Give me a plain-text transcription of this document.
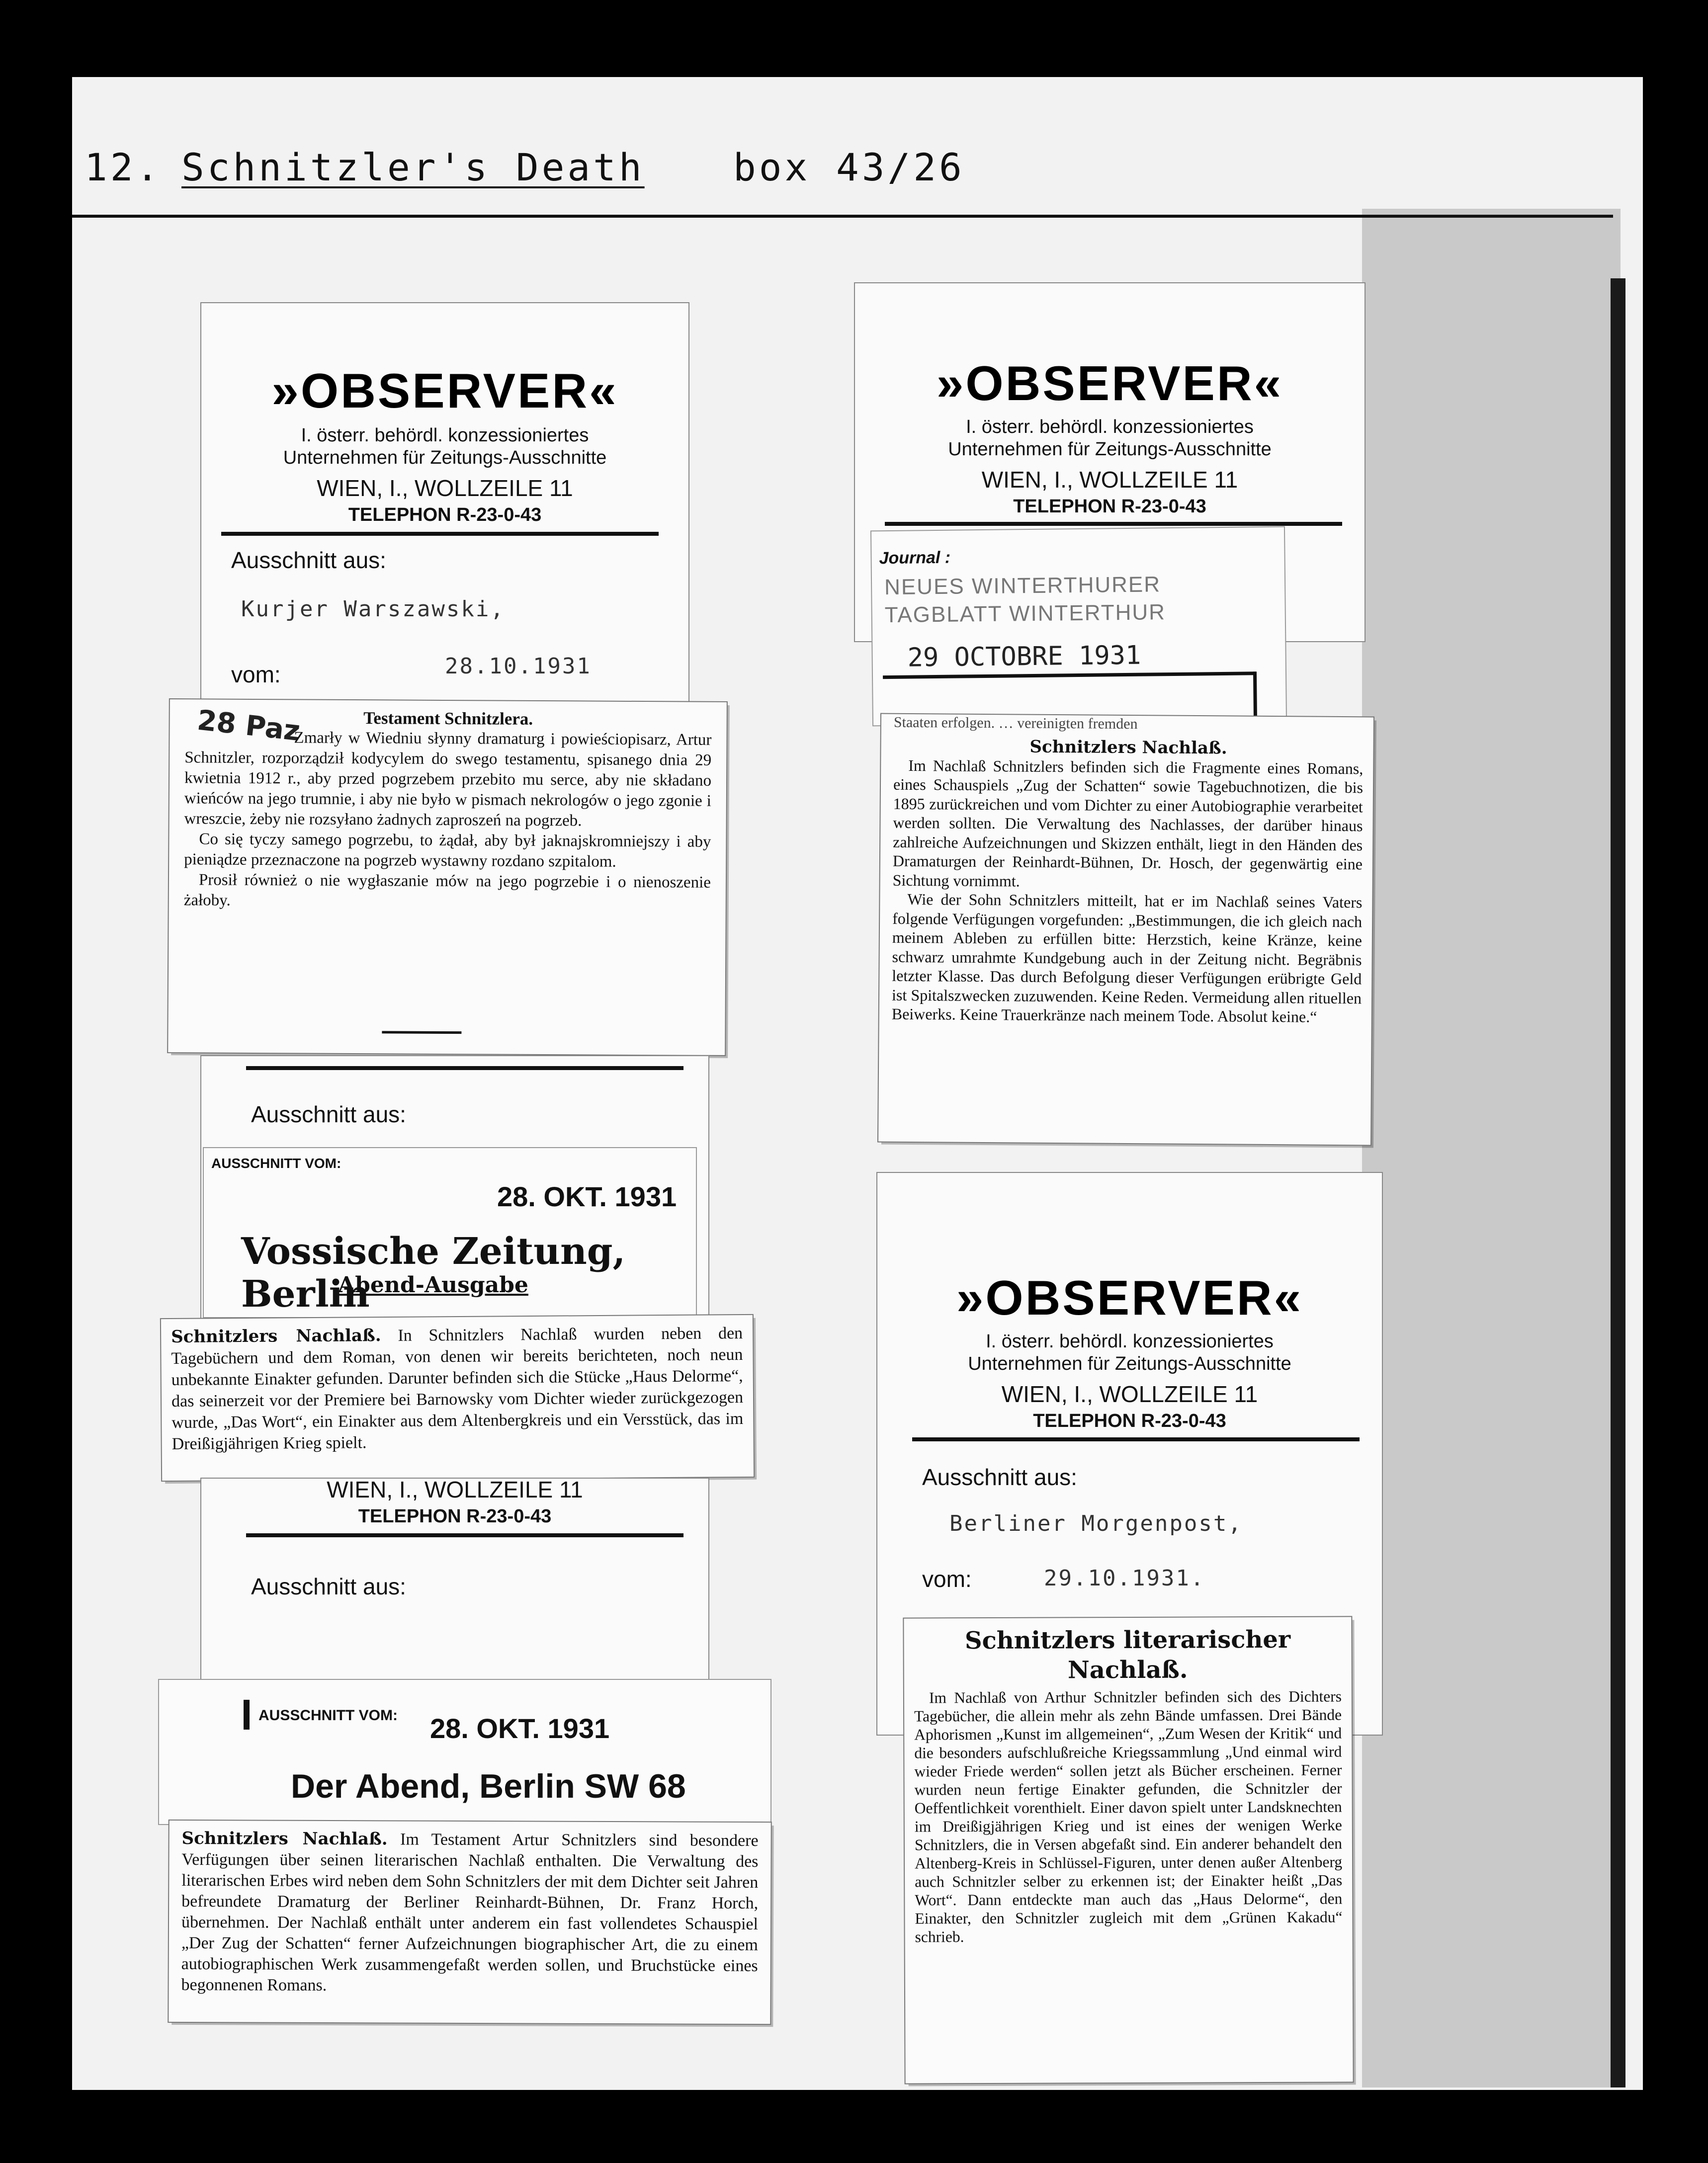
12. Schnitzler's Death box 43/26
»OBSERVER«
I. österr. behördl. konzessioniertes
Unternehmen für Zeitungs-Ausschnitte
WIEN, I., WOLLZEILE 11
TELEPHON R-23-0-43
Ausschnitt aus:
Kurjer Warszawski,
vom:	28.10.1931
28 Paz	Testament Schnitzlera.

Zmarły w Wiedniu słynny dramaturg i powieściopisarz, Artur Schnitzler, rozporządził kodycylem do swego testamentu, spisanego dnia 29 kwietnia 1912 r., aby przed pogrzebem przebito mu serce, aby nie składano wieńców na jego trumnie, i aby nie było w pismach nekrologów o jego zgonie i wreszcie, żeby nie rozsyłano żadnych zaproszeń na pogrzeb.

Co się tyczy samego pogrzebu, to żądał, aby był jaknajskromniejszy i aby pieniądze przeznaczone na pogrzeb wystawny rozdano szpitalom.

Prosił również o nie wygłaszanie mów na jego pogrzebie i o nienoszenie żałoby.

Ausschnitt aus:
AUSSCHNITT VOM:
28. OKT. 1931
Vossische Zeitung, Berlin
Abend-Ausgabe

Schnitzlers Nachlaß. In Schnitzlers Nachlaß wurden neben den Tagebüchern und dem Roman, von denen wir bereits berichteten, noch neun unbekannte Einakter gefunden. Darunter befinden sich die Stücke „Haus Delorme“, das seinerzeit vor der Premiere bei Barnowsky vom Dichter wieder zurückgezogen wurde, „Das Wort“, ein Einakter aus dem Altenbergkreis und ein Versstück, das im Dreißigjährigen Krieg spielt.

WIEN, I., WOLLZEILE 11
TELEPHON R-23-0-43
Ausschnitt aus:
AUSSCHNITT VOM: 28. OKT. 1931
Der Abend, Berlin SW 68

Schnitzlers Nachlaß. Im Testament Artur Schnitzlers sind besondere Verfügungen über seinen literarischen Nachlaß enthalten. Die Verwaltung des literarischen Erbes wird neben dem Sohn Schnitzlers der mit dem Dichter seit Jahren befreundete Dramaturg der Berliner Reinhardt-Bühnen, Dr. Franz Horch, übernehmen. Der Nachlaß enthält unter anderem ein fast vollendetes Schauspiel „Der Zug der Schatten“ ferner Aufzeichnungen biographischer Art, die zu einem autobiographischen Werk zusammengefaßt werden sollen, und Bruchstücke eines begonnenen Romans.

»OBSERVER«
I. österr. behördl. konzessioniertes
Unternehmen für Zeitungs-Ausschnitte
WIEN, I., WOLLZEILE 11
TELEPHON R-23-0-43
Journal :
NEUES WINTERTHURER TAGBLATT WINTERTHUR
29 OCTOBRE 1931
Staaten erfolgen. … vereinigten fremden
Schnitzlers Nachlaß.

Im Nachlaß Schnitzlers befinden sich die Fragmente eines Romans, eines Schauspiels „Zug der Schatten“ sowie Tagebuchnotizen, die bis 1895 zurückreichen und vom Dichter zu einer Autobiographie verarbeitet werden sollten. Die Verwaltung des Nachlasses, der darüber hinaus zahlreiche Aufzeichnungen und Skizzen enthält, liegt in den Händen des Dramaturgen der Reinhardt-Bühnen, Dr. Hosch, der gegenwärtig eine Sichtung vornimmt.

Wie der Sohn Schnitzlers mitteilt, hat er im Nachlaß seines Vaters folgende Verfügungen vorgefunden: „Bestimmungen, die ich gleich nach meinem Ableben zu erfüllen bitte: Herzstich, keine Kränze, keine schwarz umrahmte Kundgebung auch in der Zeitung nicht. Begräbnis letzter Klasse. Das durch Befolgung dieser Verfügungen erübrigte Geld ist Spitalszwecken zuzuwenden. Keine Reden. Vermeidung allen rituellen Beiwerks. Keine Trauerkränze nach meinem Tode. Absolut keine.“

»OBSERVER«
I. österr. behördl. konzessioniertes
Unternehmen für Zeitungs-Ausschnitte
WIEN, I., WOLLZEILE 11
TELEPHON R-23-0-43
Ausschnitt aus:
Berliner Morgenpost,
vom:	29.10.1931.
Schnitzlers literarischer Nachlaß.

Im Nachlaß von Arthur Schnitzler befinden sich des Dichters Tagebücher, die allein mehr als zehn Bände umfassen. Drei Bände Aphorismen „Kunst im allgemeinen“, „Zum Wesen der Kritik“ und die besonders aufschlußreiche Kriegssammlung „Und einmal wird wieder Friede werden“ sollen jetzt als Bücher erscheinen. Ferner wurden neun fertige Einakter gefunden, die Schnitzler der Oeffentlichkeit vorenthielt. Einer davon spielt unter Landsknechten im Dreißigjährigen Krieg und ist eines der wenigen Werke Schnitzlers, die in Versen abgefaßt sind. Ein anderer behandelt den Altenberg-Kreis in Schlüssel-Figuren, unter denen außer Altenberg auch Schnitzler selber zu erkennen ist; der Einakter heißt „Das Wort“. Dann entdeckte man auch das „Haus Delorme“, den Einakter, den Schnitzler zugleich mit dem „Grünen Kakadu“ schrieb.
